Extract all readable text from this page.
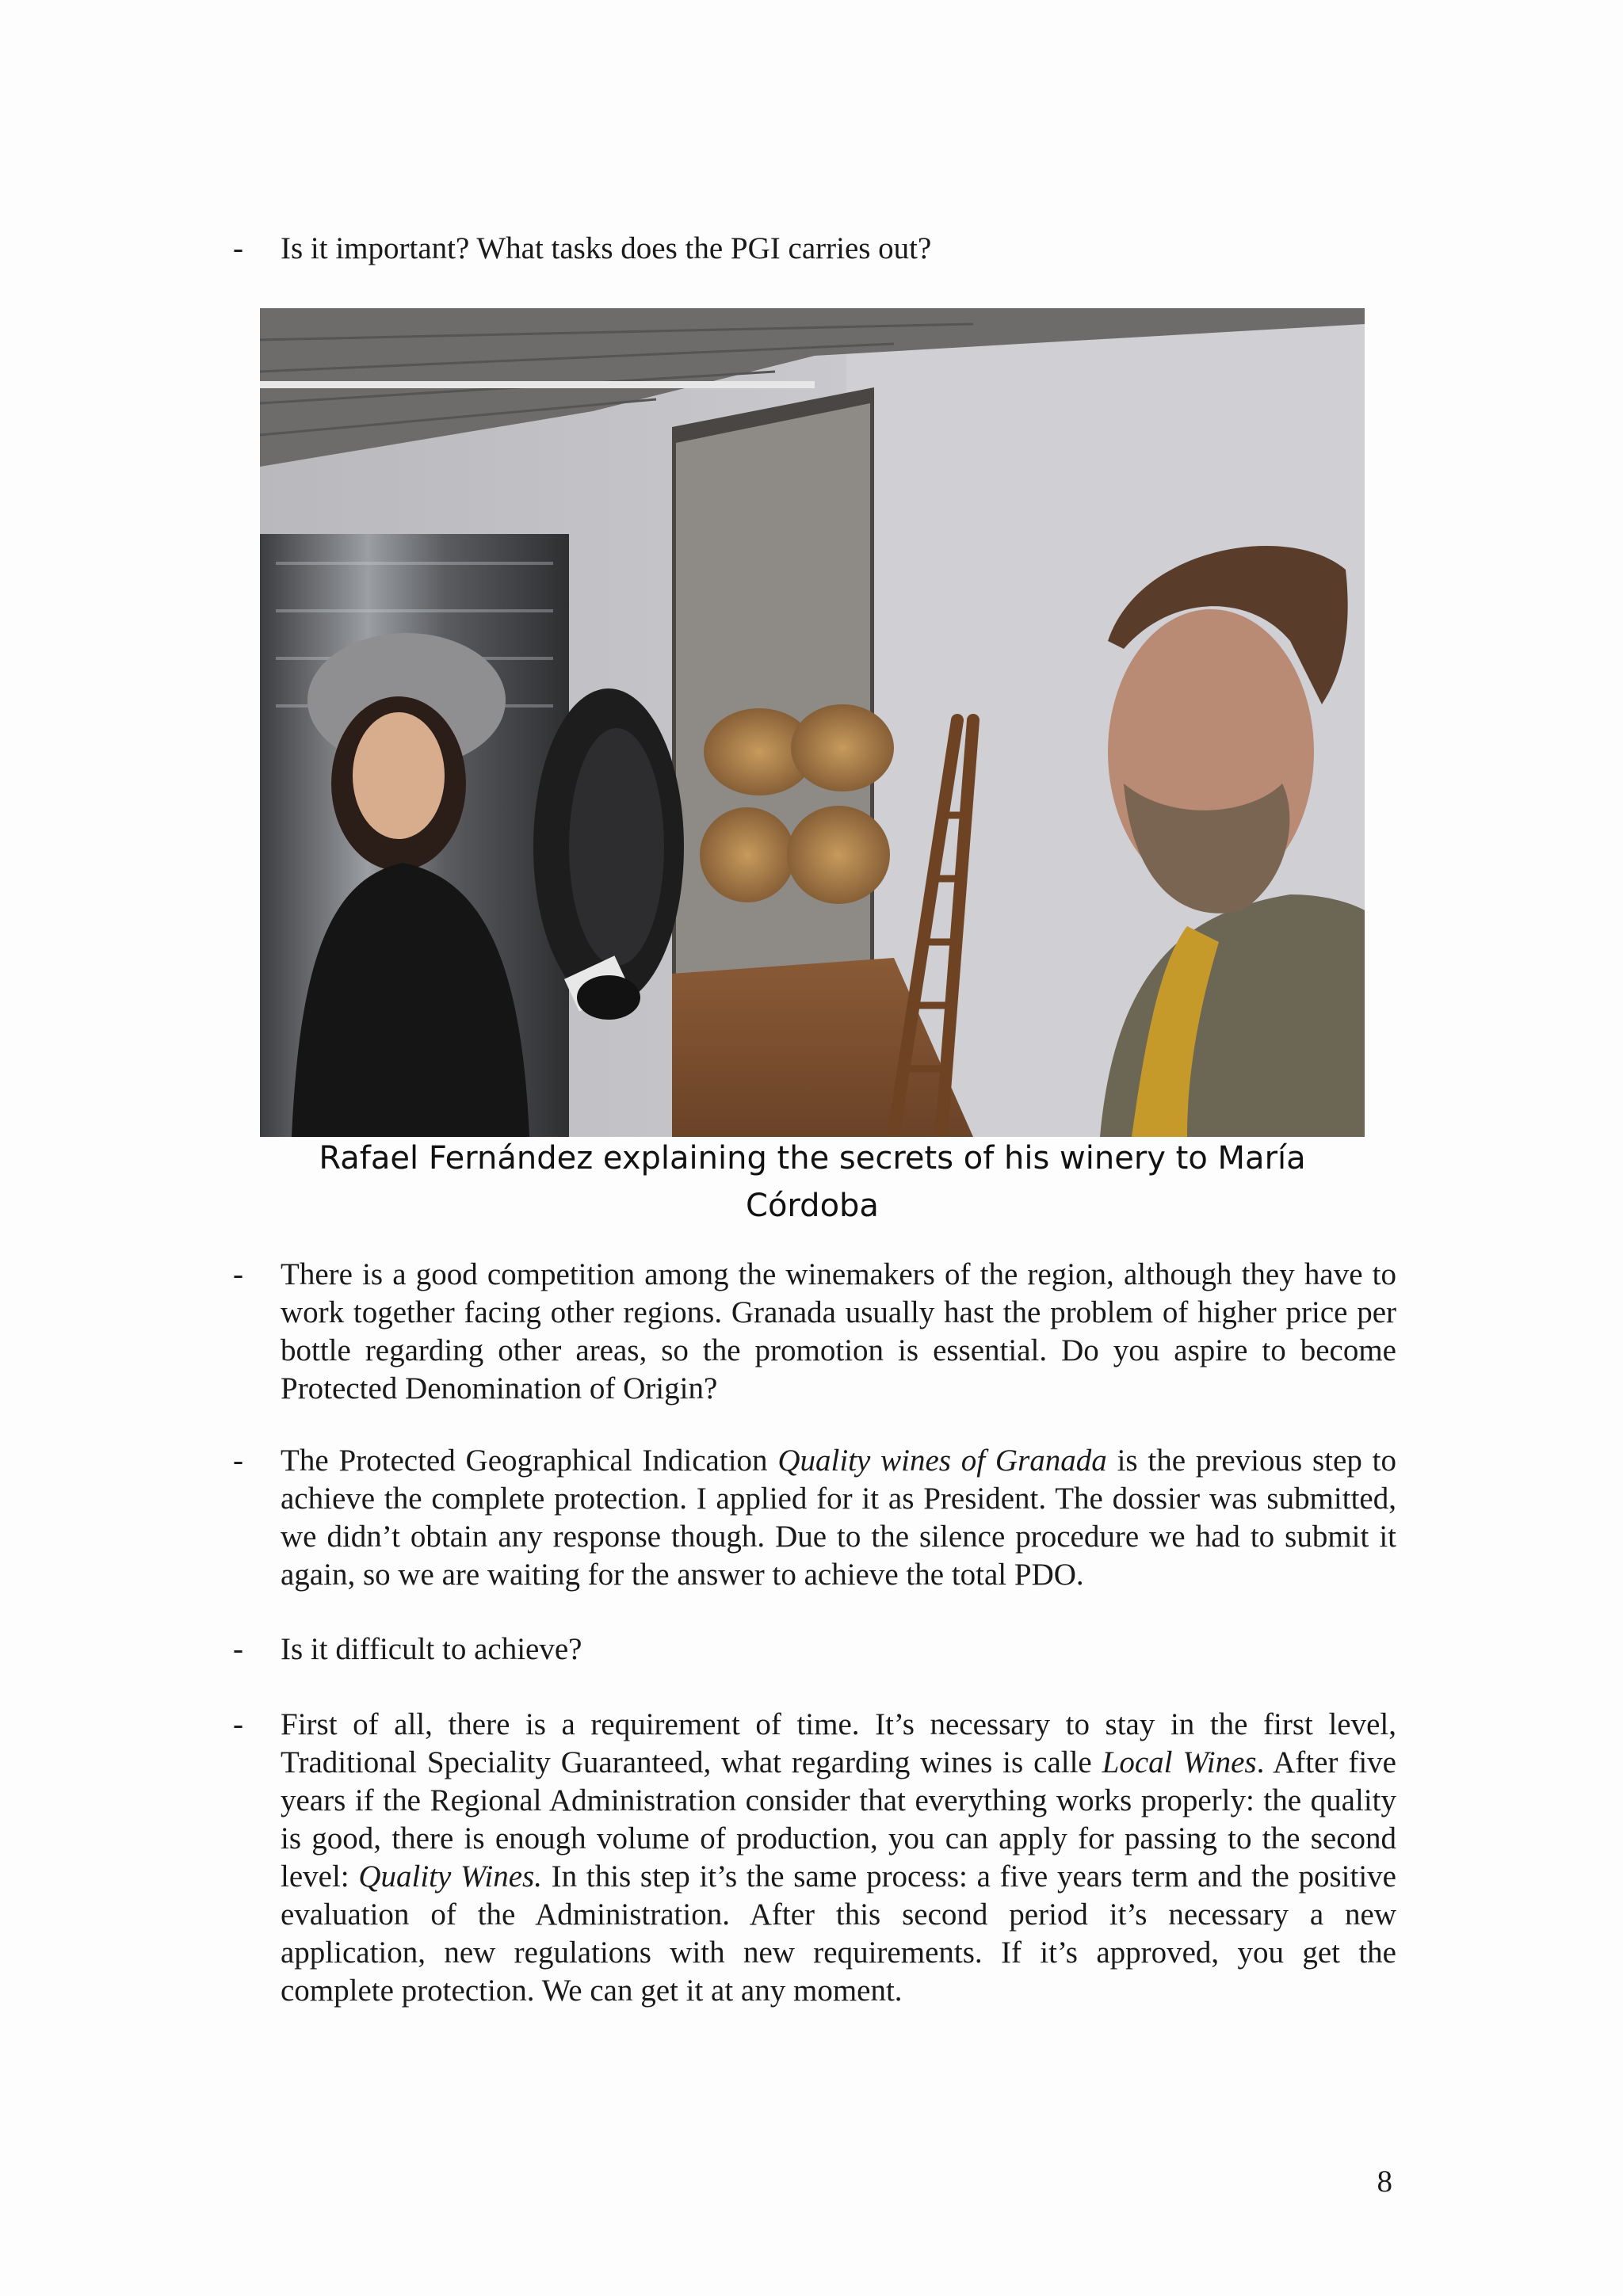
- Is it important? What tasks does the PGI carries out?
Rafael Fernández explaining the secrets of his winery to María Córdoba
- There is a good competition among the winemakers of the region, although they have to work together facing other regions. Granada usually hast the problem of higher price per bottle regarding other areas, so the promotion is essential. Do you aspire to become Protected Denomination of Origin?
- The Protected Geographical Indication Quality wines of Granada is the previous step to achieve the complete protection. I applied for it as President. The dossier was submitted, we didn’t obtain any response though. Due to the silence procedure we had to submit it again, so we are waiting for the answer to achieve the total PDO.
- Is it difficult to achieve?
- First of all, there is a requirement of time. It’s necessary to stay in the first level, Traditional Speciality Guaranteed, what regarding wines is calle Local Wines. After five years if the Regional Administration consider that everything works properly: the quality is good, there is enough volume of production, you can apply for passing to the second level: Quality Wines. In this step it’s the same process: a five years term and the positive evaluation of the Administration. After this second period it’s necessary a new application, new regulations with new requirements. If it’s approved, you get the complete protection. We can get it at any moment.
8
